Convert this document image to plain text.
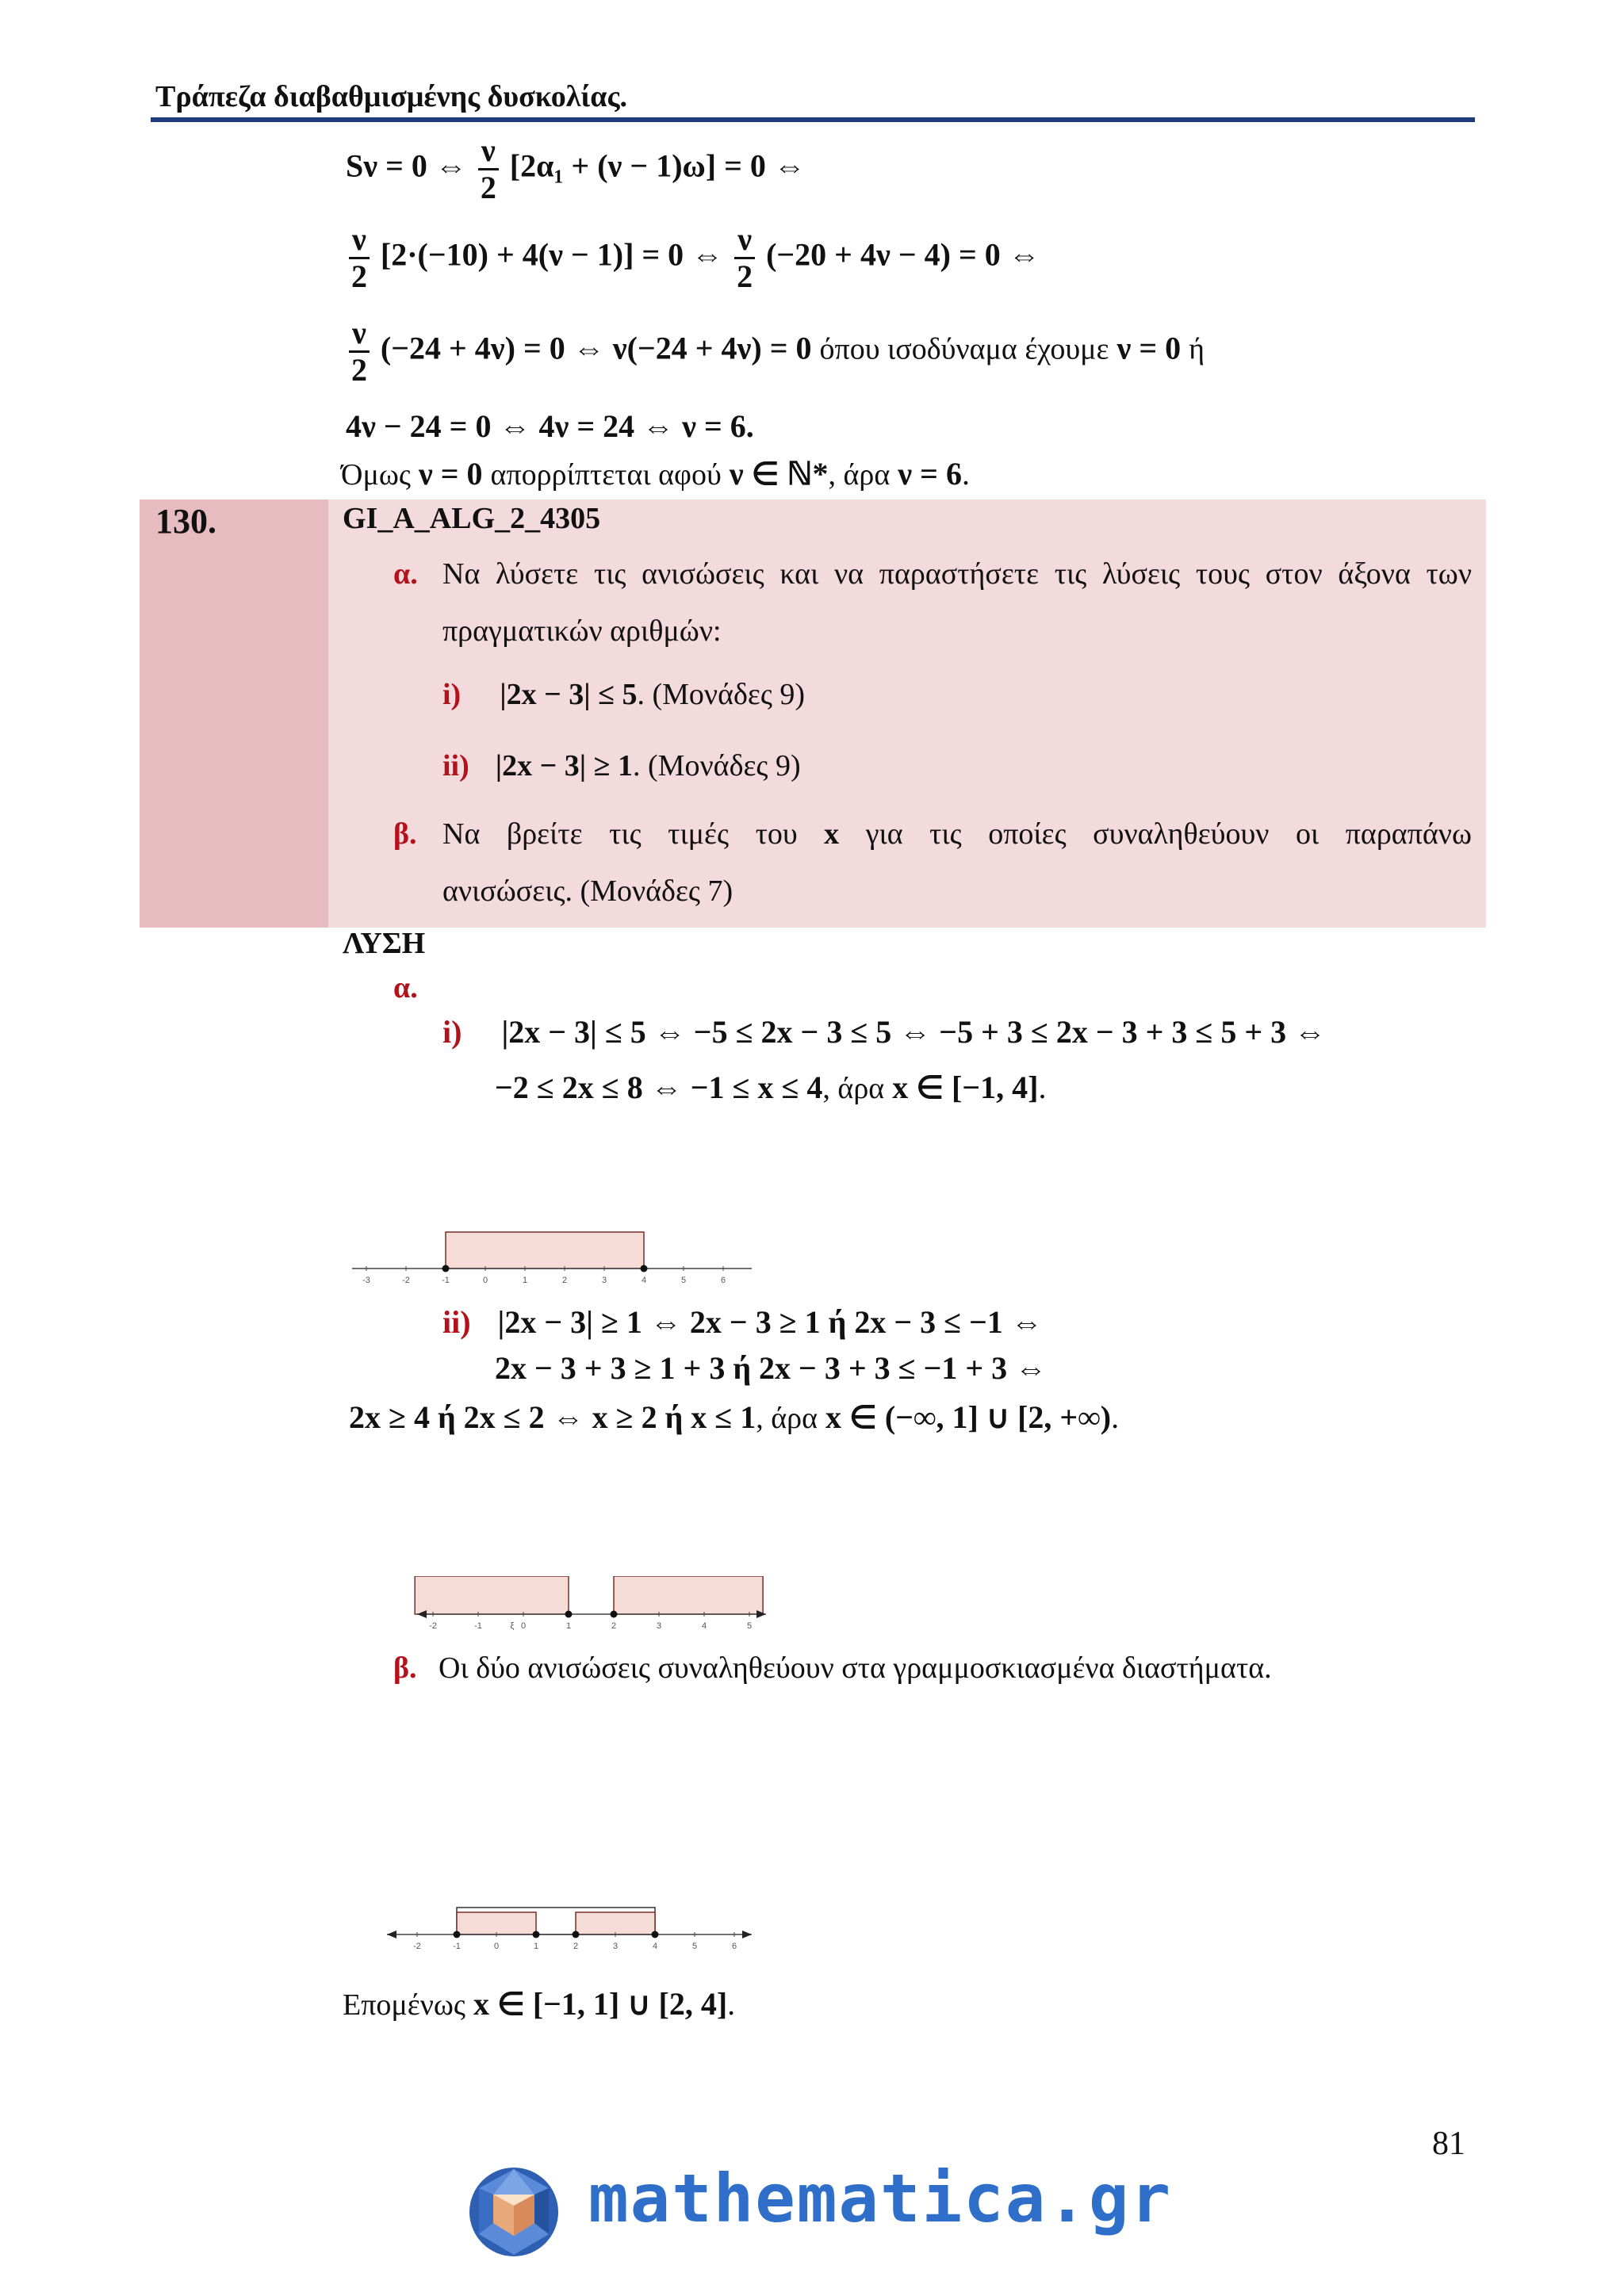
Τράπεζα διαβαθμισμένης δυσκολίας.
Sν = 0 ⇔ $\frac{\nu}{2} [2\alpha_1 + (\nu - 1)\omega] = 0$ ⇔
$\frac{\nu}{2} [2\cdot(-10) + 4(\nu - 1)] = 0$ ⇔ $\frac{\nu}{2} (-20 + 4\nu - 4) = 0$ ⇔
$\frac{\nu}{2} (-24 + 4\nu) = 0$ ⇔ ν(−24 + 4ν) = 0 όπου ισοδύναμα έχουμε ν = 0 ή
4ν − 24 = 0 ⇔ 4ν = 24 ⇔ ν = 6.
Όμως ν = 0 απορρίπτεται αφού ν ∈ ℕ*, άρα ν = 6.
130.	GI_A_ALG_2_4305
α. Να λύσετε τις ανισώσεις και να παραστήσετε τις λύσεις τους στον άξονα των
πραγματικών αριθμών:
i) |2x − 3| ≤ 5. (Μονάδες 9)
ii) |2x − 3| ≥ 1. (Μονάδες 9)
β. Να βρείτε τις τιμές του x για τις οποίες συναληθεύουν οι παραπάνω
ανισώσεις. (Μονάδες 7)
ΛΥΣΗ
α.
i) |2x − 3| ≤ 5 ⇔ −5 ≤ 2x − 3 ≤ 5 ⇔ −5 + 3 ≤ 2x − 3 + 3 ≤ 5 + 3 ⇔
−2 ≤ 2x ≤ 8 ⇔ −1 ≤ x ≤ 4, άρα x ∈ [−1, 4].
-3	-2	-1	0	1	2	3	4	5	6
ii) |2x − 3| ≥ 1 ⇔ 2x − 3 ≥ 1 ή 2x − 3 ≤ −1 ⇔
2x − 3 + 3 ≥ 1 + 3 ή 2x − 3 + 3 ≤ −1 + 3 ⇔
2x ≥ 4 ή 2x ≤ 2 ⇔ x ≥ 2 ή x ≤ 1, άρα x ∈ (−∞, 1] ∪ [2, +∞).
-2	-1	0	1	2	3	4	5
ξ
β. Οι δύο ανισώσεις συναληθεύουν στα γραμμοσκιασμένα διαστήματα.
-2	-1	0	1	2	3	4	5	6
Επομένως x ∈ [−1, 1] ∪ [2, 4].
81
mathematica.gr
